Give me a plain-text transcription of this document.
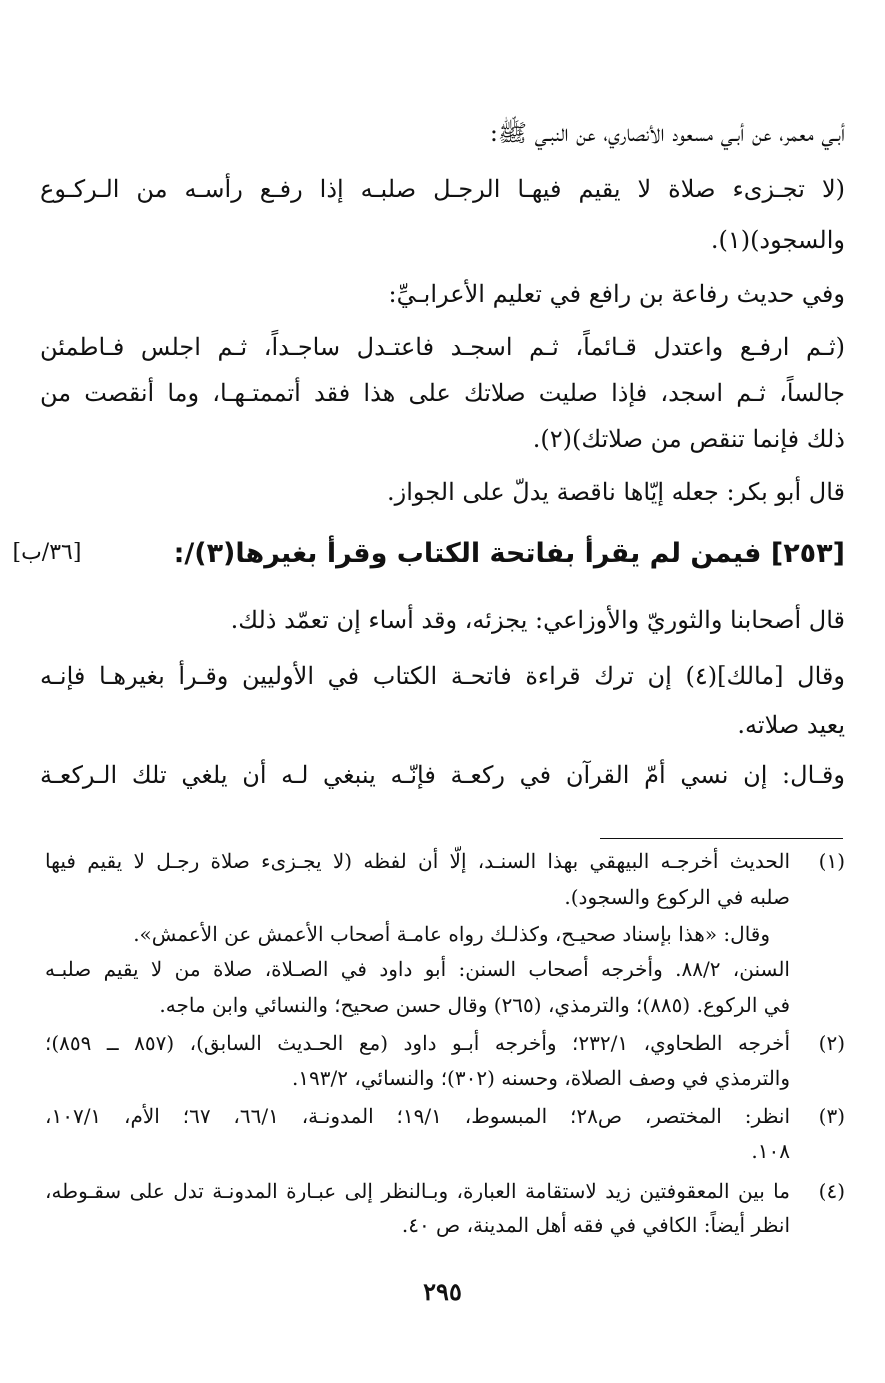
أبـي معمر، عن أبـي مسعود الأنصاري، عن النبـي ﷺ:
(لا تجـزىء صلاة لا يقيم فيهـا الرجـل صلبـه إذا رفـع رأسـه من الـركـوع
والسجود)(١).
وفي حديث رفاعة بن رافع في تعليم الأعرابـيِّ:
(ثـم ارفـع واعتدل قـائماً، ثـم اسجـد فاعتـدل ساجـداً، ثـم اجلس فـاطمئن
جالساً، ثـم اسجد، فإذا صليت صلاتك على هذا فقد أتممتـهـا، وما أنقصت من
ذلك فإنما تنقص من صلاتك)(٢).
قال أبو بكر: جعله إيّاها ناقصة يدلّ على الجواز.
[٢٥٣] فيمن لم يقرأ بفاتحة الكتاب وقرأ بغيرها(٣)/:
[٣٦/ب]
قال أصحابنا والثوريّ والأوزاعي: يجزئه، وقد أساء إن تعمّد ذلك.
وقال [مالك](٤) إن ترك قراءة فاتحـة الكتاب في الأوليين وقـرأ بغيرهـا فإنـه
يعيد صلاته.
وقـال: إن نسي أمّ القرآن في ركعـة فإنّـه ينبغي لـه أن يلغي تلك الـركعـة
(١)
الحديث أخرجـه البيهقي بهذا السنـد، إلّا أن لفظه (لا يجـزىء صلاة رجـل لا يقيم فيها
صلبه في الركوع والسجود).
وقال: «هذا بإسناد صحيـح، وكذلـك رواه عامـة أصحاب الأعمش عن الأعمش».
السنن، ٨٨/٢. وأخرجه أصحاب السنن: أبو داود في الصـلاة، صلاة من لا يقيم صلبـه
في الركوع. (٨٨٥)؛ والترمذي، (٢٦٥) وقال حسن صحيح؛ والنسائي وابن ماجه.
(٢)
أخرجه الطحاوي، ٢٣٢/١؛ وأخرجه أبـو داود (مع الحـديث السابق)، (٨٥٧ ــ ٨٥٩)؛
والترمذي في وصف الصلاة، وحسنه (٣٠٢)؛ والنسائي، ١٩٣/٢.
(٣)
انظر: المختصر، ص٢٨؛ المبسوط، ١٩/١؛ المدونـة، ٦٦/١، ٦٧؛ الأم، ١٠٧/١،
١٠٨.
(٤)
ما بين المعقوفتين زيد لاستقامة العبارة، وبـالنظر إلى عبـارة المدونـة تدل على سقـوطه،
انظر أيضاً: الكافي في فقه أهل المدينة، ص ٤٠.
٢٩٥
